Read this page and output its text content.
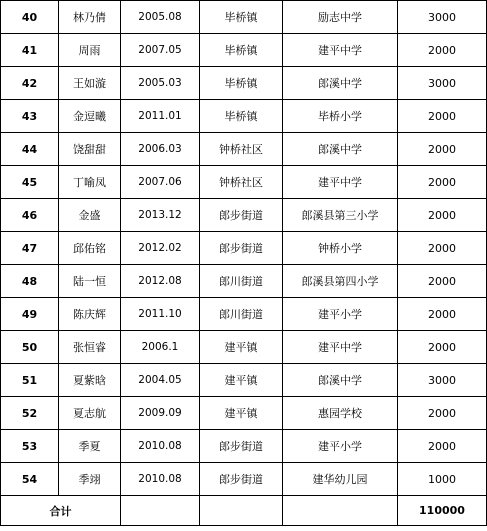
40	林乃倩	2005.08	毕桥镇	励志中学	3000
41	周雨	2007.05	毕桥镇	建平中学	2000
42	王如漩	2005.03	毕桥镇	郎溪中学	3000
43	金逗曦	2011.01	毕桥镇	毕桥小学	2000
44	饶甜甜	2006.03	钟桥社区	郎溪中学	2000
45	丁喻凤	2007.06	钟桥社区	建平中学	2000
46	金盛	2013.12	郎步街道	郎溪县第三小学	2000
47	邱佑铭	2012.02	郎步街道	钟桥小学	2000
48	陆一恒	2012.08	郎川街道	郎溪县第四小学	2000
49	陈庆辉	2011.10	郎川街道	建平小学	2000
50	张恒睿	2006.1	建平镇	建平中学	2000
51	夏紫晗	2004.05	建平镇	郎溪中学	3000
52	夏志航	2009.09	建平镇	惠园学校	2000
53	季夏	2010.08	郎步街道	建平小学	2000
54	季翊	2010.08	郎步街道	建华幼儿园	1000
合计					110000
